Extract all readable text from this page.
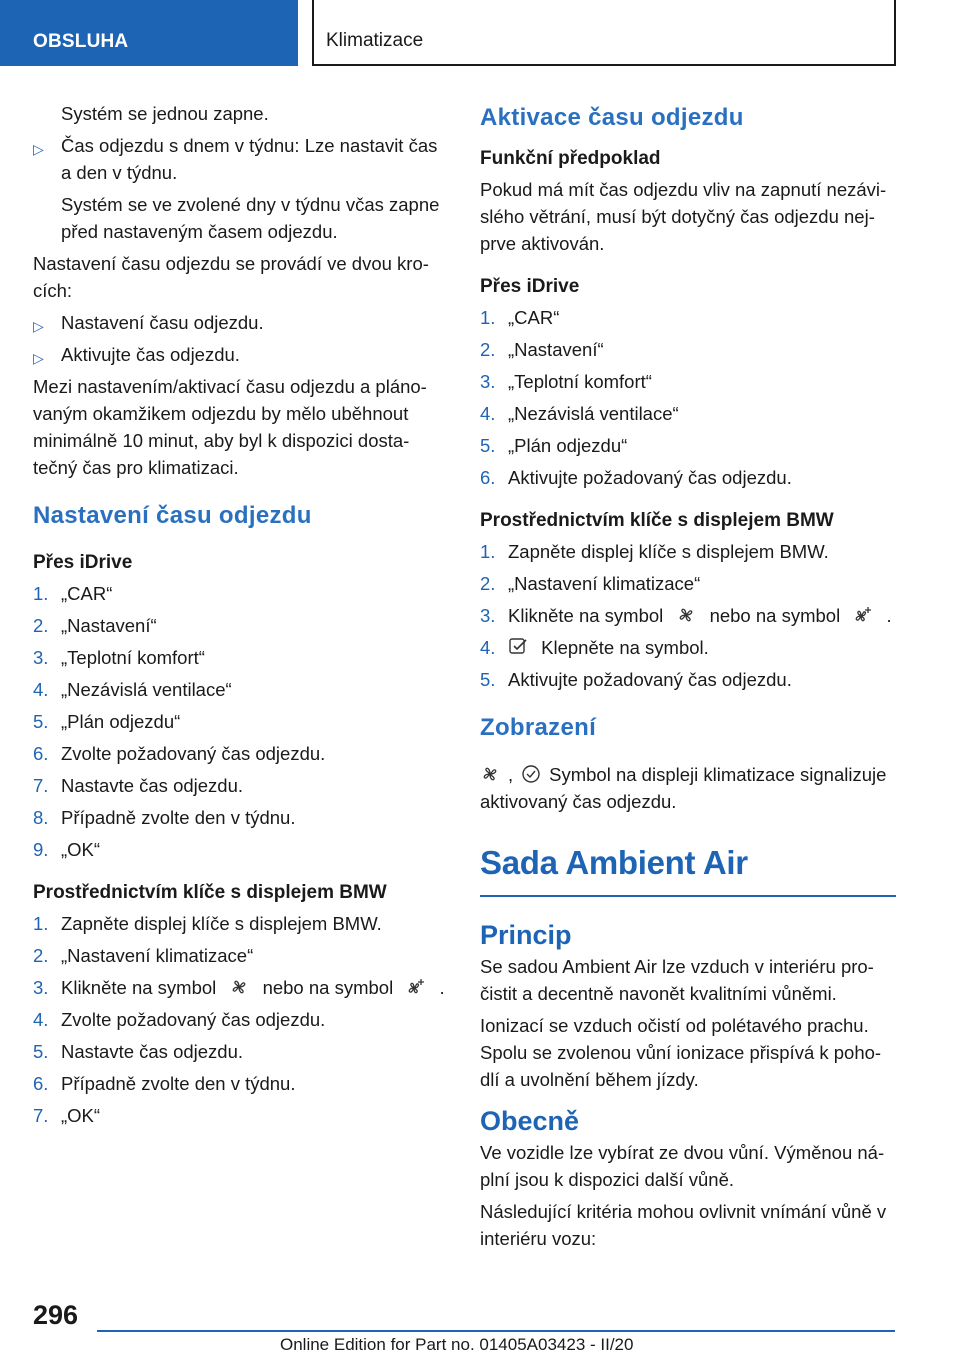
OBSLUHA	Klimatizace
Systém se jednou zapne.
▷ Čas odjezdu s dnem v týdnu: Lze nastavit čas a den v týdnu.
Systém se ve zvolené dny v týdnu včas zapne před nastaveným časem odjezdu.
Nastavení času odjezdu se provádí ve dvou kro-cích:
▷ Nastavení času odjezdu.
▷ Aktivujte čas odjezdu.
Mezi nastavením/aktivací času odjezdu a pláno-vaným okamžikem odjezdu by mělo uběhnout minimálně 10 minut, aby byl k dispozici dosta-tečný čas pro klimatizaci.
Nastavení času odjezdu
Přes iDrive
1. „CAR“
2. „Nastavení“
3. „Teplotní komfort“
4. „Nezávislá ventilace“
5. „Plán odjezdu“
6. Zvolte požadovaný čas odjezdu.
7. Nastavte čas odjezdu.
8. Případně zvolte den v týdnu.
9. „OK“
Prostřednictvím klíče s displejem BMW
1. Zapněte displej klíče s displejem BMW.
2. „Nastavení klimatizace“
3. Klikněte na symbol	nebo na symbol	.
4. Zvolte požadovaný čas odjezdu.
5. Nastavte čas odjezdu.
6. Případně zvolte den v týdnu.
7. „OK“
Aktivace času odjezdu
Funkční předpoklad
Pokud má mít čas odjezdu vliv na zapnutí nezávi-slého větrání, musí být dotyčný čas odjezdu nej-prve aktivován.
Přes iDrive
1. „CAR“
2. „Nastavení“
3. „Teplotní komfort“
4. „Nezávislá ventilace“
5. „Plán odjezdu“
6. Aktivujte požadovaný čas odjezdu.
Prostřednictvím klíče s displejem BMW
1. Zapněte displej klíče s displejem BMW.
2. „Nastavení klimatizace“
3. Klikněte na symbol	nebo na symbol	.
4. Klepněte na symbol.
5. Aktivujte požadovaný čas odjezdu.
Zobrazení
, Symbol na displeji klimatizace signalizuje
aktivovaný čas odjezdu.
Sada Ambient Air
Princip
Se sadou Ambient Air lze vzduch v interiéru pro-čistit a decentně navonět kvalitními vůněmi.
Ionizací se vzduch očistí od polétavého prachu. Spolu se zvolenou vůní ionizace přispívá k poho-dlí a uvolnění během jízdy.
Obecně
Ve vozidle lze vybírat ze dvou vůní. Výměnou ná-plní jsou k dispozici další vůně.
Následující kritéria mohou ovlivnit vnímání vůně v interiéru vozu:
296
Online Edition for Part no. 01405A03423 - II/20
